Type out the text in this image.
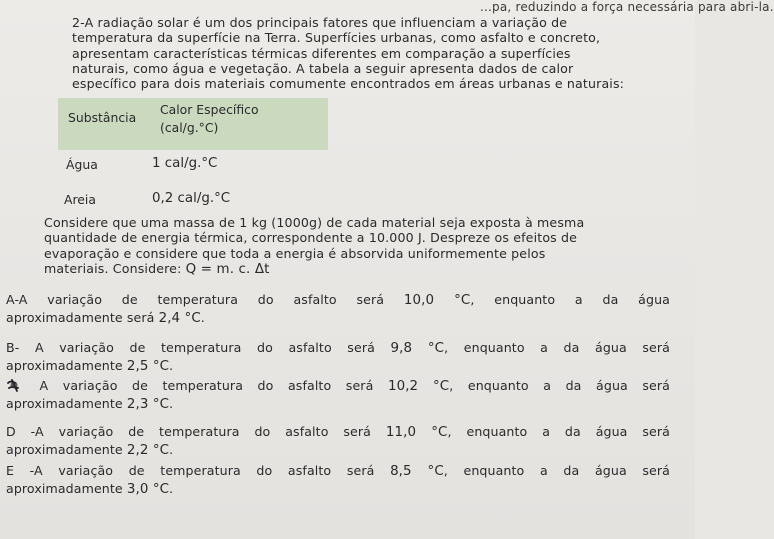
...pa, reduzindo a força necessária para abri-la.

2-A radiação solar é um dos principais fatores que influenciam a variação de

temperatura da superfície na Terra. Superfícies urbanas, como asfalto e concreto,

apresentam características térmicas diferentes em comparação a superfícies

naturais, como água e vegetação. A tabela a seguir apresenta dados de calor

específico para dois materiais comumente encontrados em áreas urbanas e naturais:

Substância
Calor Específico
(cal/g.°C)
Água	1 cal/g.°C
Areia	0,2 cal/g.°C

Considere que uma massa de 1 kg (1000g) de cada material seja exposta à mesma

quantidade de energia térmica, correspondente a 10.000 J. Despreze os efeitos de

evaporação e considere que toda a energia é absorvida uniformemente pelos

materiais. Considere: Q = m. c. Δt

A-A variação de temperatura do asfalto será 10,0 °C, enquanto a da água
aproximadamente será 2,4 °C.
B- A variação de temperatura do asfalto será 9,8 °C, enquanto a da água será
aproximadamente 2,5 °C.
A variação de temperatura do asfalto será 10,2 °C, enquanto a da água será
aproximadamente 2,3 °C.
D -A variação de temperatura do asfalto será 11,0 °C, enquanto a da água será
aproximadamente 2,2 °C.
E -A variação de temperatura do asfalto será 8,5 °C, enquanto a da água será
aproximadamente 3,0 °C.
